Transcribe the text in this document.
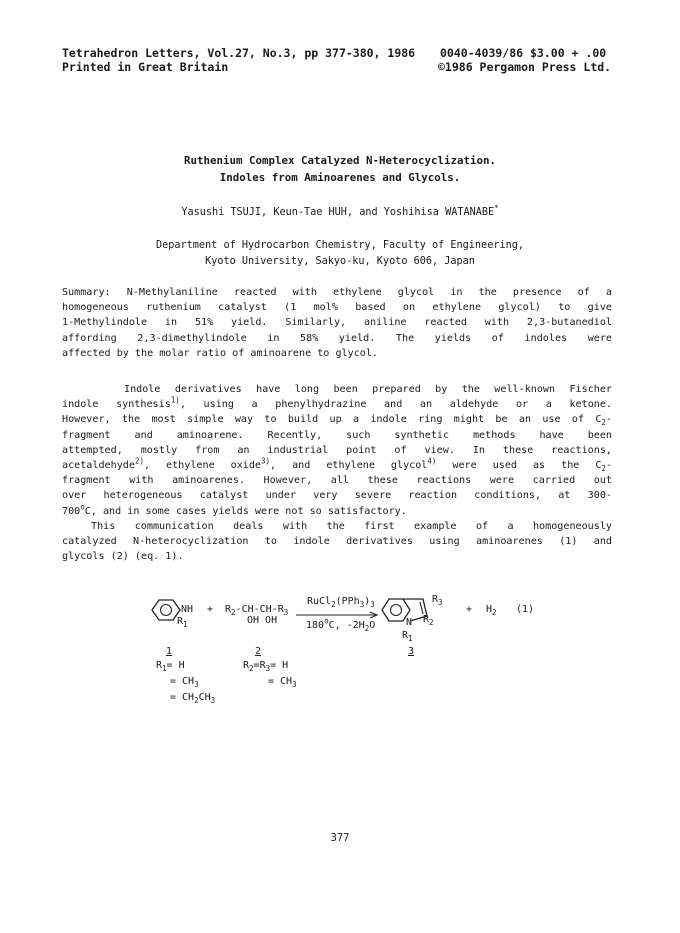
Tetrahedron Letters, Vol.27, No.3, pp 377-380, 1986 0040-4039/86 $3.00 + .00
Printed in Great Britain	©1986 Pergamon Press Ltd.
Ruthenium Complex Catalyzed N-Heterocyclization.
Indoles from Aminoarenes and Glycols.
Yasushi TSUJI, Keun-Tae HUH, and Yoshihisa WATANABE*
Department of Hydrocarbon Chemistry, Faculty of Engineering,
Kyoto University, Sakyo-ku, Kyoto 606, Japan
Summary: N-Methylaniline reacted with ethylene glycol in the presence of a
homogeneous ruthenium catalyst (1 mol% based on ethylene glycol) to give
1-Methylindole in 51% yield. Similarly, aniline reacted with 2,3-butanediol
affording 2,3-dimethylindole in 58% yield. The yields of indoles were
affected by the molar ratio of aminoarene to glycol.
Indole derivatives have long been prepared by the well-known Fischer
indole synthesis$^{1)}$, using a phenylhydrazine and an aldehyde or a ketone.
However, the most simple way to build up a indole ring might be an use of $C_2-$
fragment and aminoarene. Recently, such synthetic methods have been
attempted, mostly from an industrial point of view. In these reactions,
acetaldehyde$^{2)}$, ethylene oxide$^{3)}$, and ethylene glycol$^{4)}$ were used as the $C_2-$
fragment with aminoarenes. However, all these reactions were carried out
over heterogeneous catalyst under very severe reaction conditions, at 300-
700$^o$C, and in some cases yields were not so satisfactory.
This communication deals with the first example of a homogeneously
catalyzed N-heterocyclization to indole derivatives using aminoarenes (1) and
glycols (2) (eq. 1).
NH
$R_1$
+ $R_2-CH-CH-R_3$
OH OH
$RuCl_2(PPh_3)_3$
180$^o$C, $-2H_2O$
$R_3$
N $R_2$
$R_1$
+ $H_2$ (1)
1	2	3
$R_1= H$
= $CH_3$
= $CH_2CH_3$
$R_2=R_3= H$
= $CH_3$
377
